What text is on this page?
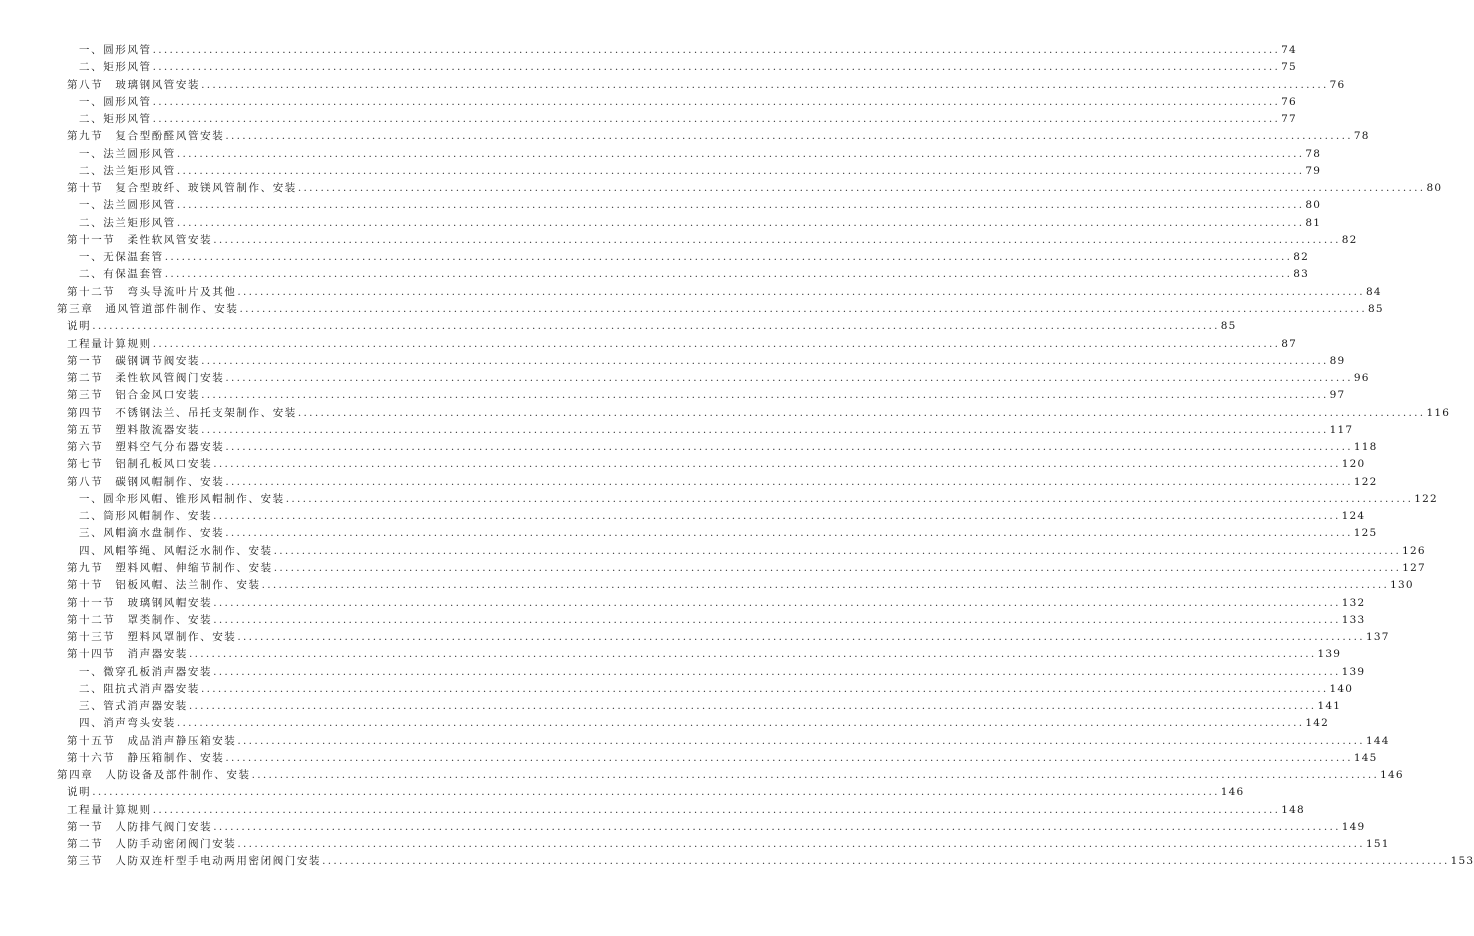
一、圆形风管 ........................................................................................................................................................................................................ 74
二、矩形风管 ........................................................................................................................................................................................................ 75
第八节　玻璃钢风管安装 ........................................................................................................................................................................................................ 76
一、圆形风管 ........................................................................................................................................................................................................ 76
二、矩形风管 ........................................................................................................................................................................................................ 77
第九节　复合型酚醛风管安装 ........................................................................................................................................................................................................ 78
一、法兰圆形风管 ........................................................................................................................................................................................................ 78
二、法兰矩形风管 ........................................................................................................................................................................................................ 79
第十节　复合型玻纤、玻镁风管制作、安装 ........................................................................................................................................................................................................ 80
一、法兰圆形风管 ........................................................................................................................................................................................................ 80
二、法兰矩形风管 ........................................................................................................................................................................................................ 81
第十一节　柔性软风管安装 ........................................................................................................................................................................................................ 82
一、无保温套管 ........................................................................................................................................................................................................ 82
二、有保温套管 ........................................................................................................................................................................................................ 83
第十二节　弯头导流叶片及其他 ........................................................................................................................................................................................................ 84
第三章　通风管道部件制作、安装 ........................................................................................................................................................................................................ 85
说明 ........................................................................................................................................................................................................ 85
工程量计算规则 ........................................................................................................................................................................................................ 87
第一节　碳钢调节阀安装 ........................................................................................................................................................................................................ 89
第二节　柔性软风管阀门安装 ........................................................................................................................................................................................................ 96
第三节　铝合金风口安装 ........................................................................................................................................................................................................ 97
第四节　不锈钢法兰、吊托支架制作、安装 ........................................................................................................................................................................................................ 116
第五节　塑料散流器安装 ........................................................................................................................................................................................................ 117
第六节　塑料空气分布器安装 ........................................................................................................................................................................................................ 118
第七节　铝制孔板风口安装 ........................................................................................................................................................................................................ 120
第八节　碳钢风帽制作、安装 ........................................................................................................................................................................................................ 122
一、圆伞形风帽、锥形风帽制作、安装 ........................................................................................................................................................................................................ 122
二、筒形风帽制作、安装 ........................................................................................................................................................................................................ 124
三、风帽滴水盘制作、安装 ........................................................................................................................................................................................................ 125
四、风帽筝绳、风帽泛水制作、安装 ........................................................................................................................................................................................................ 126
第九节　塑料风帽、伸缩节制作、安装 ........................................................................................................................................................................................................ 127
第十节　铝板风帽、法兰制作、安装 ........................................................................................................................................................................................................ 130
第十一节　玻璃钢风帽安装 ........................................................................................................................................................................................................ 132
第十二节　罩类制作、安装 ........................................................................................................................................................................................................ 133
第十三节　塑料风罩制作、安装 ........................................................................................................................................................................................................ 137
第十四节　消声器安装 ........................................................................................................................................................................................................ 139
一、微穿孔板消声器安装 ........................................................................................................................................................................................................ 139
二、阻抗式消声器安装 ........................................................................................................................................................................................................ 140
三、管式消声器安装 ........................................................................................................................................................................................................ 141
四、消声弯头安装 ........................................................................................................................................................................................................ 142
第十五节　成品消声静压箱安装 ........................................................................................................................................................................................................ 144
第十六节　静压箱制作、安装 ........................................................................................................................................................................................................ 145
第四章　人防设备及部件制作、安装 ........................................................................................................................................................................................................ 146
说明 ........................................................................................................................................................................................................ 146
工程量计算规则 ........................................................................................................................................................................................................ 148
第一节　人防排气阀门安装 ........................................................................................................................................................................................................ 149
第二节　人防手动密闭阀门安装 ........................................................................................................................................................................................................ 151
第三节　人防双连杆型手电动两用密闭阀门安装 ........................................................................................................................................................................................................ 153
